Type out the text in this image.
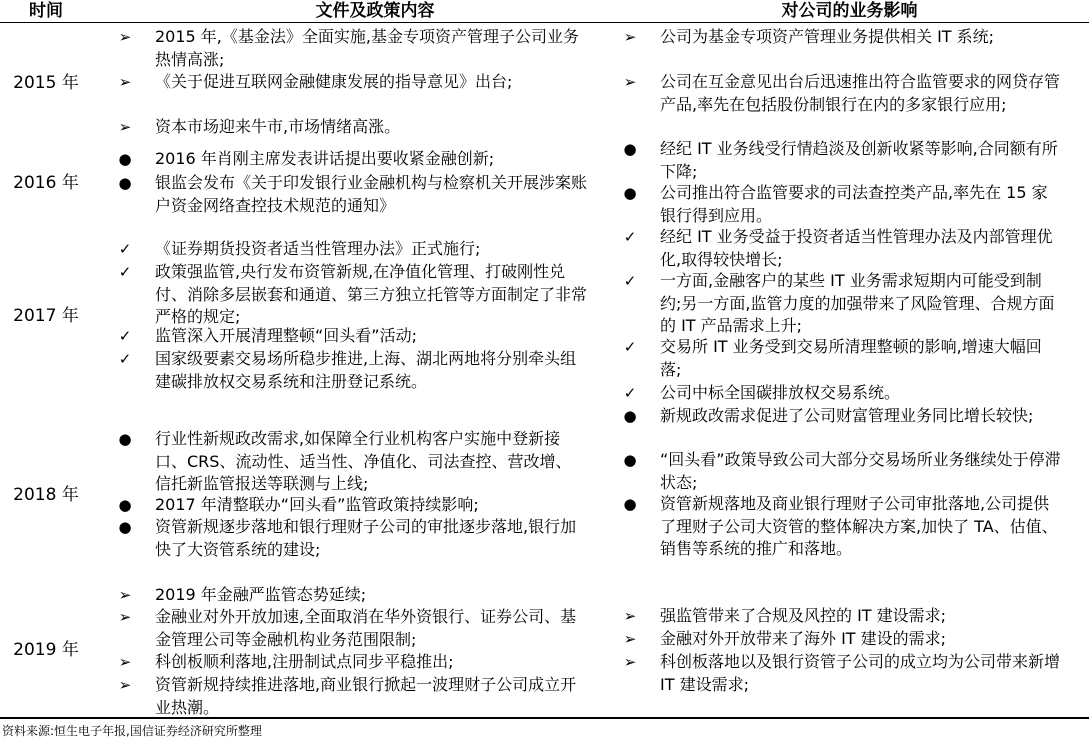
时间	文件及政策内容	对公司的业务影响
2015 年
➢ 2015 年,《基金法》全面实施,基金专项资产管理子公司业务热情高涨;
➢ 《关于促进互联网金融健康发展的指导意见》出台;
➢ 资本市场迎来牛市,市场情绪高涨。
➢ 公司为基金专项资产管理业务提供相关 IT 系统;
➢ 公司在互金意见出台后迅速推出符合监管要求的网贷存管产品,率先在包括股份制银行在内的多家银行应用;
2016 年
● 2016 年肖刚主席发表讲话提出要收紧金融创新;
● 银监会发布《关于印发银行业金融机构与检察机关开展涉案账户资金网络查控技术规范的通知》
● 经纪 IT 业务线受行情趋淡及创新收紧等影响,合同额有所下降;
● 公司推出符合监管要求的司法查控类产品,率先在 15 家银行得到应用。
2017 年
✓ 《证券期货投资者适当性管理办法》正式施行;
✓ 政策强监管,央行发布资管新规,在净值化管理、打破刚性兑付、消除多层嵌套和通道、第三方独立托管等方面制定了非常严格的规定;
✓ 监管深入开展清理整顿“回头看”活动;
✓ 国家级要素交易场所稳步推进,上海、湖北两地将分别牵头组建碳排放权交易系统和注册登记系统。
✓ 经纪 IT 业务受益于投资者适当性管理办法及内部管理优化,取得较快增长;
✓ 一方面,金融客户的某些 IT 业务需求短期内可能受到制约;另一方面,监管力度的加强带来了风险管理、合规方面的 IT 产品需求上升;
✓ 交易所 IT 业务受到交易所清理整顿的影响,增速大幅回落;
✓ 公司中标全国碳排放权交易系统。
2018 年
● 行业性新规政改需求,如保障全行业机构客户实施中登新接口、CRS、流动性、适当性、净值化、司法查控、营改增、信托新监管报送等联测与上线;
● 2017 年清整联办“回头看”监管政策持续影响;
● 资管新规逐步落地和银行理财子公司的审批逐步落地,银行加快了大资管系统的建设;
● 新规政改需求促进了公司财富管理业务同比增长较快;
● “回头看”政策导致公司大部分交易场所业务继续处于停滞状态;
● 资管新规落地及商业银行理财子公司审批落地,公司提供了理财子公司大资管的整体解决方案,加快了 TA、估值、销售等系统的推广和落地。
2019 年
➢ 2019 年金融严监管态势延续;
➢ 金融业对外开放加速,全面取消在华外资银行、证券公司、基金管理公司等金融机构业务范围限制;
➢ 科创板顺利落地,注册制试点同步平稳推出;
➢ 资管新规持续推进落地,商业银行掀起一波理财子公司成立开业热潮。
➢ 强监管带来了合规及风控的 IT 建设需求;
➢ 金融对外开放带来了海外 IT 建设的需求;
➢ 科创板落地以及银行资管子公司的成立均为公司带来新增 IT 建设需求;
资料来源:恒生电子年报,国信证券经济研究所整理
